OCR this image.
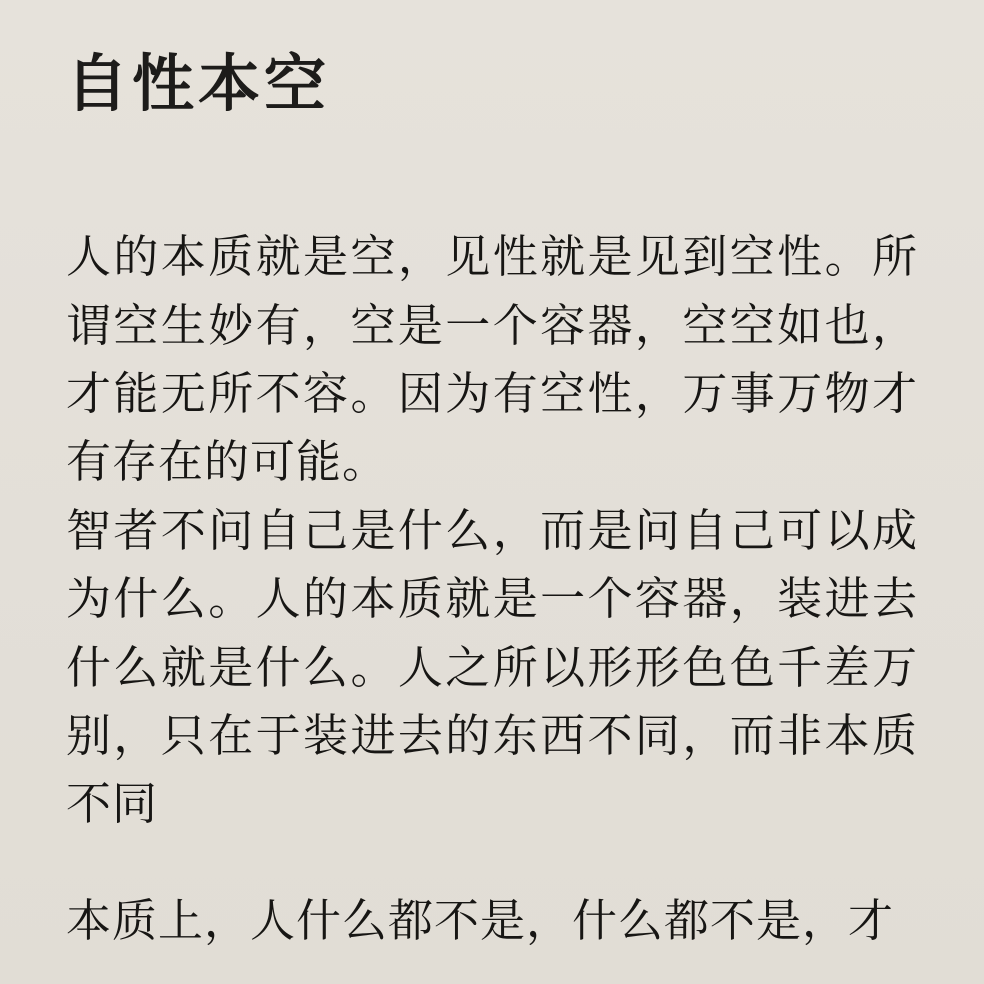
自性本空

人的本质就是空，见性就是见到空性。所谓空生妙有，空是一个容器，空空如也，才能无所不容。因为有空性，万事万物才有存在的可能。

智者不问自己是什么，而是问自己可以成为什么。人的本质就是一个容器，装进去什么就是什么。人之所以形形色色千差万别，只在于装进去的东西不同，而非本质不同

本质上，人什么都不是，什么都不是，才
